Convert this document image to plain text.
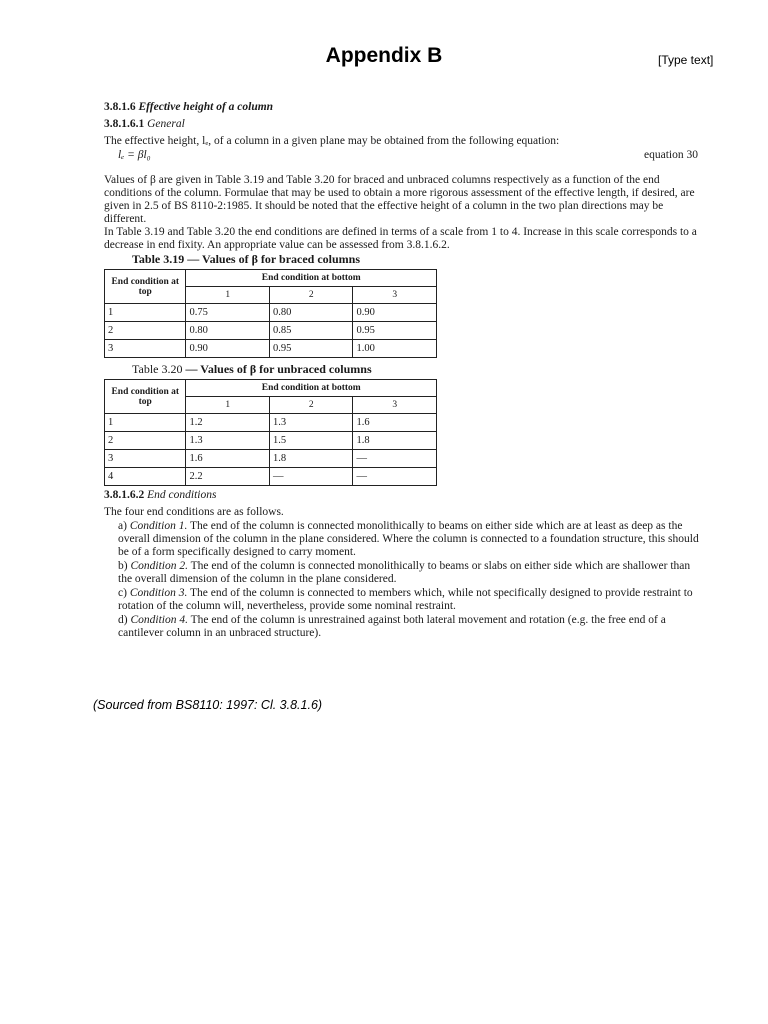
Appendix B	[Type text]

3.8.1.6 Effective height of a column

3.8.1.6.1 General

The effective height, lₑ, of a column in a given plane may be obtained from the following equation:

lₑ = βl₀	equation 30

Values of β are given in Table 3.19 and Table 3.20 for braced and unbraced columns respectively as a function of the end conditions of the column. Formulae that may be used to obtain a more rigorous assessment of the effective length, if desired, are given in 2.5 of BS 8110-2:1985. It should be noted that the effective height of a column in the two plan directions may be different.

In Table 3.19 and Table 3.20 the end conditions are defined in terms of a scale from 1 to 4. Increase in this scale corresponds to a decrease in end fixity. An appropriate value can be assessed from 3.8.1.6.2.

Table 3.19 — Values of β for braced columns
End condition at top	End condition at bottom		
	1	2	3
1	0.75	0.80	0.90
2	0.80	0.85	0.95
3	0.90	0.95	1.00
Table 3.20 — Values of β for unbraced columns
End condition at top	End condition at bottom		
	1	2	3
1	1.2	1.3	1.6
2	1.3	1.5	1.8
3	1.6	1.8	—
4	2.2	—	—

3.8.1.6.2 End conditions

The four end conditions are as follows.

a) Condition 1. The end of the column is connected monolithically to beams on either side which are at least as deep as the overall dimension of the column in the plane considered. Where the column is connected to a foundation structure, this should be of a form specifically designed to carry moment.

b) Condition 2. The end of the column is connected monolithically to beams or slabs on either side which are shallower than the overall dimension of the column in the plane considered.

c) Condition 3. The end of the column is connected to members which, while not specifically designed to provide restraint to rotation of the column will, nevertheless, provide some nominal restraint.

d) Condition 4. The end of the column is unrestrained against both lateral movement and rotation (e.g. the free end of a cantilever column in an unbraced structure).

(Sourced from BS8110: 1997: Cl. 3.8.1.6)
